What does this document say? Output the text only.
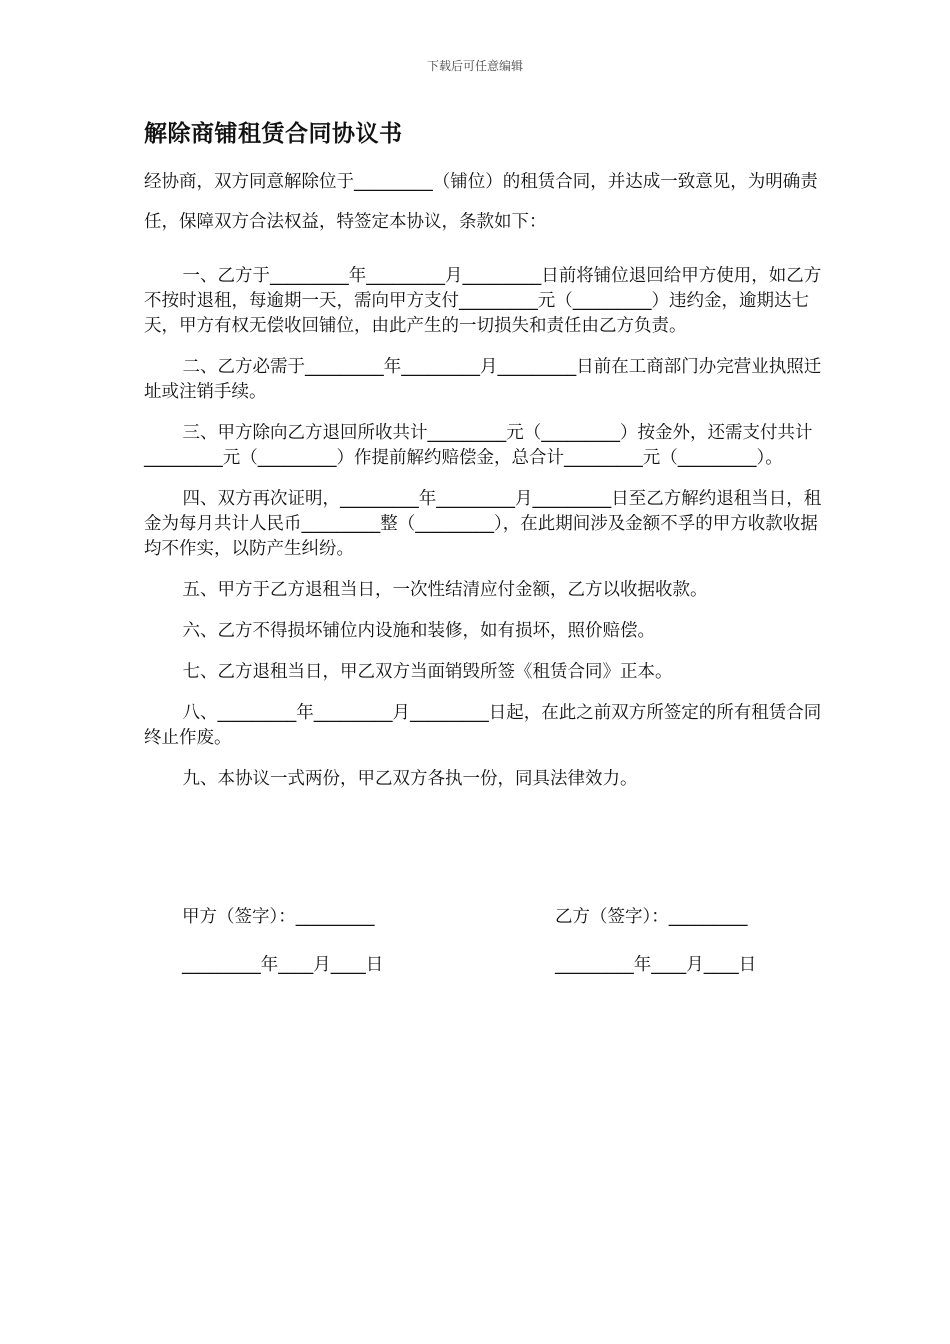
下载后可任意编辑
解除商铺租赁合同协议书

经协商，双方同意解除位于_________（铺位）的租赁合同，并达成一致意见，为明确责任，保障双方合法权益，特签定本协议，条款如下：

一、乙方于_________年_________月_________日前将铺位退回给甲方使用，如乙方不按时退租，每逾期一天，需向甲方支付_________元（_________）违约金，逾期达七天，甲方有权无偿收回铺位，由此产生的一切损失和责任由乙方负责。

二、乙方必需于_________年_________月_________日前在工商部门办完营业执照迁址或注销手续。

三、甲方除向乙方退回所收共计_________元（_________）按金外，还需支付共计_________元（_________）作提前解约赔偿金，总合计_________元（_________）。

四、双方再次证明，_________年_________月_________日至乙方解约退租当日，租金为每月共计人民币_________整（_________），在此期间涉及金额不孚的甲方收款收据均不作实，以防产生纠纷。

五、甲方于乙方退租当日，一次性结清应付金额，乙方以收据收款。

六、乙方不得损坏铺位内设施和装修，如有损坏，照价赔偿。

七、乙方退租当日，甲乙双方当面销毁所签《租赁合同》正本。

八、_________年_________月_________日起，在此之前双方所签定的所有租赁合同终止作废。

九、本协议一式两份，甲乙双方各执一份，同具法律效力。

甲方（签字）：_________	乙方（签字）：_________
_________年____月____日	_________年____月____日
